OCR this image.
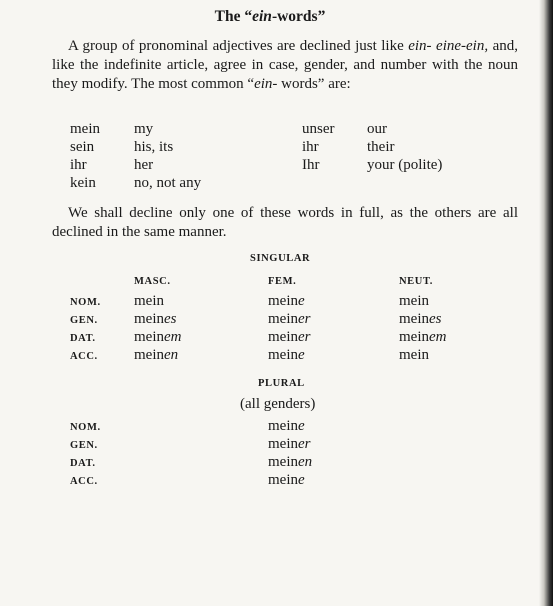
The “ein-words”
A group of pronominal adjectives are declined just like ein- eine-ein, and, like the indefinite article, agree in case, gender, and number with the noun they modify. The most common “ein- words” are:
mein my	unser our
sein	his, its	ihr	their
ihr	her	Ihr	your (polite)
kein	no, not any
We shall decline only one of these words in full, as the others are all declined in the same manner.
SINGULAR
MASC.	FEM.	NEUT.
NOM. mein	meine	mein
GEN. meines	meiner	meines
DAT.	meinem	meiner	meinem
ACC. meinen	meine	mein
PLURAL
(all genders)
NOM.	meine
GEN.	meiner
DAT.	meinen
ACC.	meine
